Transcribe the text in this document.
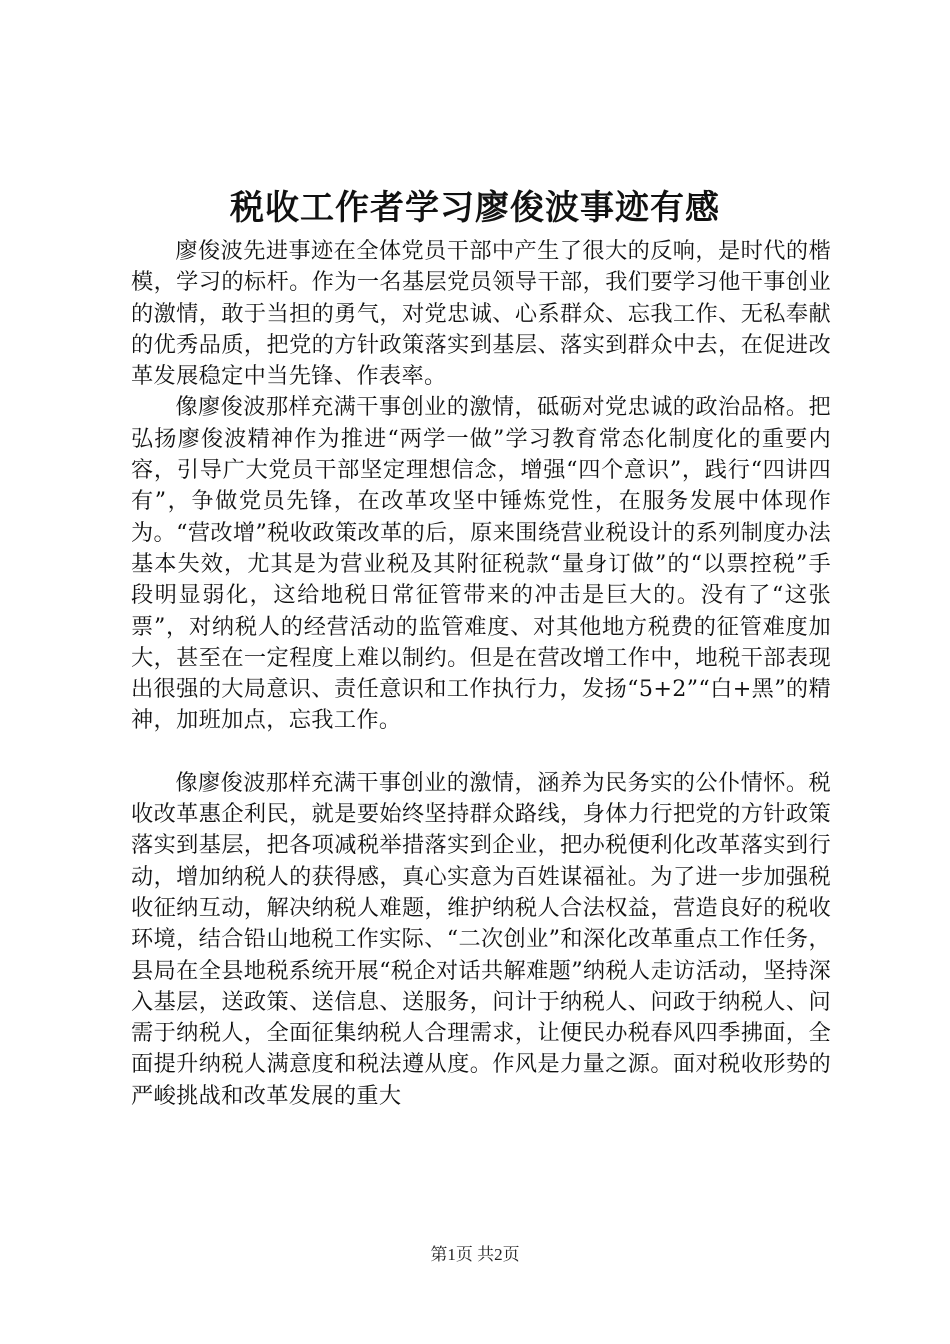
税收工作者学习廖俊波事迹有感

廖俊波先进事迹在全体党员干部中产生了很大的反响，是时代的楷模，学习的标杆。作为一名基层党员领导干部，我们要学习他干事创业的激情，敢于当担的勇气，对党忠诚、心系群众、忘我工作、无私奉献的优秀品质，把党的方针政策落实到基层、落实到群众中去，在促进改革发展稳定中当先锋、作表率。

像廖俊波那样充满干事创业的激情，砥砺对党忠诚的政治品格。把弘扬廖俊波精神作为推进“两学一做”学习教育常态化制度化的重要内容，引导广大党员干部坚定理想信念，增强“四个意识”，践行“四讲四有”，争做党员先锋，在改革攻坚中锤炼党性，在服务发展中体现作为。“营改增”税收政策改革的后，原来围绕营业税设计的系列制度办法基本失效，尤其是为营业税及其附征税款“量身订做”的“以票控税”手段明显弱化，这给地税日常征管带来的冲击是巨大的。没有了“这张票”，对纳税人的经营活动的监管难度、对其他地方税费的征管难度加大，甚至在一定程度上难以制约。但是在营改增工作中，地税干部表现出很强的大局意识、责任意识和工作执行力，发扬“5+2”“白+黑”的精神，加班加点，忘我工作。

像廖俊波那样充满干事创业的激情，涵养为民务实的公仆情怀。税收改革惠企利民，就是要始终坚持群众路线，身体力行把党的方针政策落实到基层，把各项减税举措落实到企业，把办税便利化改革落实到行动，增加纳税人的获得感，真心实意为百姓谋福祉。为了进一步加强税收征纳互动，解决纳税人难题，维护纳税人合法权益，营造良好的税收环境，结合铅山地税工作实际、“二次创业”和深化改革重点工作任务，县局在全县地税系统开展“税企对话共解难题”纳税人走访活动，坚持深入基层，送政策、送信息、送服务，问计于纳税人、问政于纳税人、问需于纳税人，全面征集纳税人合理需求，让便民办税春风四季拂面，全面提升纳税人满意度和税法遵从度。作风是力量之源。面对税收形势的严峻挑战和改革发展的重大

第1页 共2页
